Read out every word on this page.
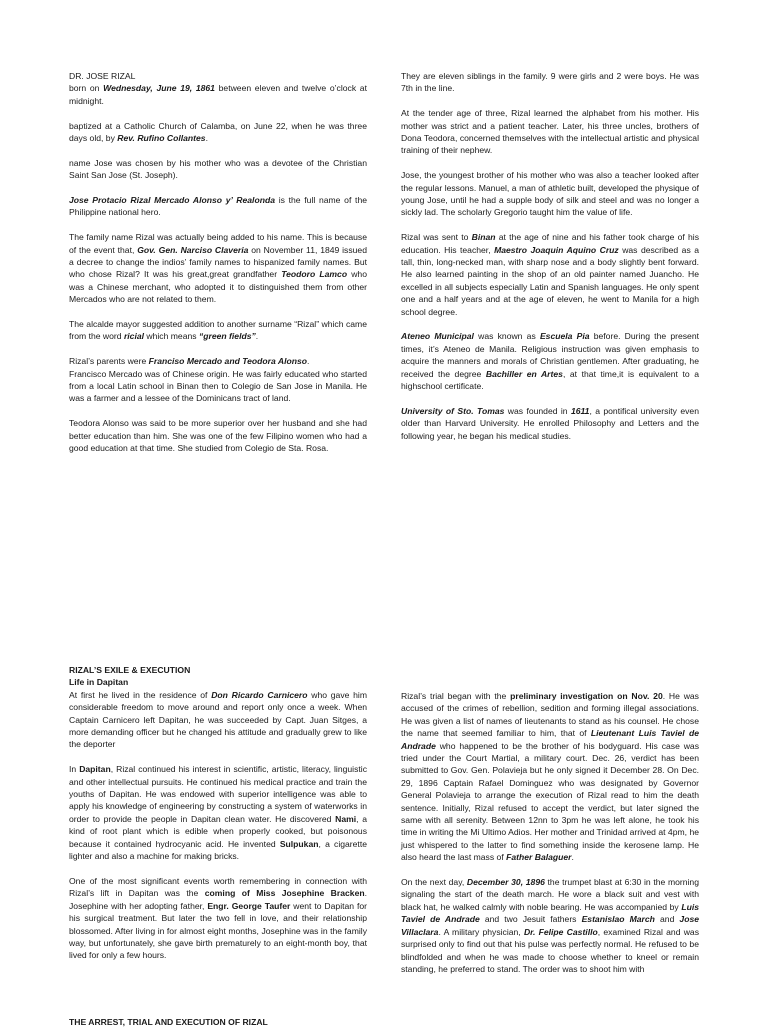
DR. JOSE RIZAL
born on Wednesday, June 19, 1861 between eleven and twelve o’clock at midnight.

baptized at a Catholic Church of Calamba, on June 22, when he was three days old, by Rev. Rufino Collantes.

name Jose was chosen by his mother who was a devotee of the Christian Saint San Jose (St. Joseph).

Jose Protacio Rizal Mercado Alonso y’ Realonda is the full name of the Philippine national hero.

The family name Rizal was actually being added to his name. This is because of the event that, Gov. Gen. Narciso Claveria on November 11, 1849 issued a decree to change the indios’ family names to hispanized family names. But who chose Rizal? It was his great,great grandfather Teodoro Lamco who was a Chinese merchant, who adopted it to distinguished them from other Mercados who are not related to them.

The alcalde mayor suggested addition to another surname “Rizal” which came from the word ricial which means “green fields”.

Rizal’s parents were Franciso Mercado and Teodora Alonso.
Francisco Mercado was of Chinese origin. He was fairly educated who started from a local Latin school in Binan then to Colegio de San Jose in Manila. He was a farmer and a lessee of the Dominicans tract of land.

Teodora Alonso was said to be more superior over her husband and she had better education than him. She was one of the few Filipino women who had a good education at that time. She studied from Colegio de Sta. Rosa.

They are eleven siblings in the family. 9 were girls and 2 were boys. He was 7th in the line.

At the tender age of three, Rizal learned the alphabet from his mother. His mother was strict and a patient teacher. Later, his three uncles, brothers of Dona Teodora, concerned themselves with the intellectual artistic and physical training of their nephew.

Jose, the youngest brother of his mother who was also a teacher looked after the regular lessons. Manuel, a man of athletic built, developed the physique of young Jose, until he had a supple body of silk and steel and was no longer a sickly lad. The scholarly Gregorio taught him the value of life.

Rizal was sent to Binan at the age of nine and his father took charge of his education. His teacher, Maestro Joaquin Aquino Cruz was described as a tall, thin, long-necked man, with sharp nose and a body slightly bent forward. He also learned painting in the shop of an old painter named Juancho. He excelled in all subjects especially Latin and Spanish languages. He only spent one and a half years and at the age of eleven, he went to Manila for a high school degree.

Ateneo Municipal was known as Escuela Pia before. During the present times, it’s Ateneo de Manila. Religious instruction was given emphasis to acquire the manners and morals of Christian gentlemen. After graduating, he received the degree Bachiller en Artes, at that time,it is equivalent to a highschool certificate.

University of Sto. Tomas was founded in 1611, a pontifical university even older than Harvard University. He enrolled Philosophy and Letters and the following year, he began his medical studies.

RIZAL’S EXILE & EXECUTION
Life in Dapitan

At first he lived in the residence of Don Ricardo Carnicero who gave him considerable freedom to move around and report only once a week. When Captain Carnicero left Dapitan, he was succeeded by Capt. Juan Sitges, a more demanding officer but he changed his attitude and gradually grew to like the deporter

In Dapitan, Rizal continued his interest in scientific, artistic, literacy, linguistic and other intellectual pursuits. He continued his medical practice and train the youths of Dapitan. He was endowed with superior intelligence was able to apply his knowledge of engineering by constructing a system of waterworks in order to provide the people in Dapitan clean water. He discovered Nami, a kind of root plant which is edible when properly cooked, but poisonous because it contained hydrocyanic acid. He invented Sulpukan, a cigarette lighter and also a machine for making bricks.

One of the most significant events worth remembering in connection with Rizal’s lift in Dapitan was the coming of Miss Josephine Bracken. Josephine with her adopting father, Engr. George Taufer went to Dapitan for his surgical treatment. But later the two fell in love, and their relationship blossomed. After living in for almost eight months, Josephine was in the family way, but unfortunately, she gave birth prematurely to an eight-month boy, that lived for only a few hours.

Rizal’s trial began with the preliminary investigation on Nov. 20. He was accused of the crimes of rebellion, sedition and forming illegal associations. He was given a list of names of lieutenants to stand as his counsel. He chose the name that seemed familiar to him, that of Lieutenant Luis Taviel de Andrade who happened to be the brother of his bodyguard. His case was tried under the Court Martial, a military court. Dec. 26, verdict has been submitted to Gov. Gen. Polavieja but he only signed it December 28. On Dec. 29, 1896 Captain Rafael Dominguez who was designated by Governor General Polavieja to arrange the execution of Rizal read to him the death sentence. Initially, Rizal refused to accept the verdict, but later signed the same with all serenity. Between 12nn to 3pm he was left alone, he took his time in writing the Mi Ultimo Adios. Her mother and Trinidad arrived at 4pm, he just whispered to the latter to find something inside the kerosene lamp. He also heard the last mass of Father Balaguer.

On the next day, December 30, 1896 the trumpet blast at 6:30 in the morning signaling the start of the death march. He wore a black suit and vest with black hat, he walked calmly with noble bearing. He was accompanied by Luis Taviel de Andrade and two Jesuit fathers Estanislao March and Jose Villaclara. A military physician, Dr. Felipe Castillo, examined Rizal and was surprised only to find out that his pulse was perfectly normal. He refused to be blindfolded and when he was made to choose whether to kneel or remain standing, he preferred to stand. The order was to shoot him with

THE ARREST, TRIAL AND EXECUTION OF RIZAL
